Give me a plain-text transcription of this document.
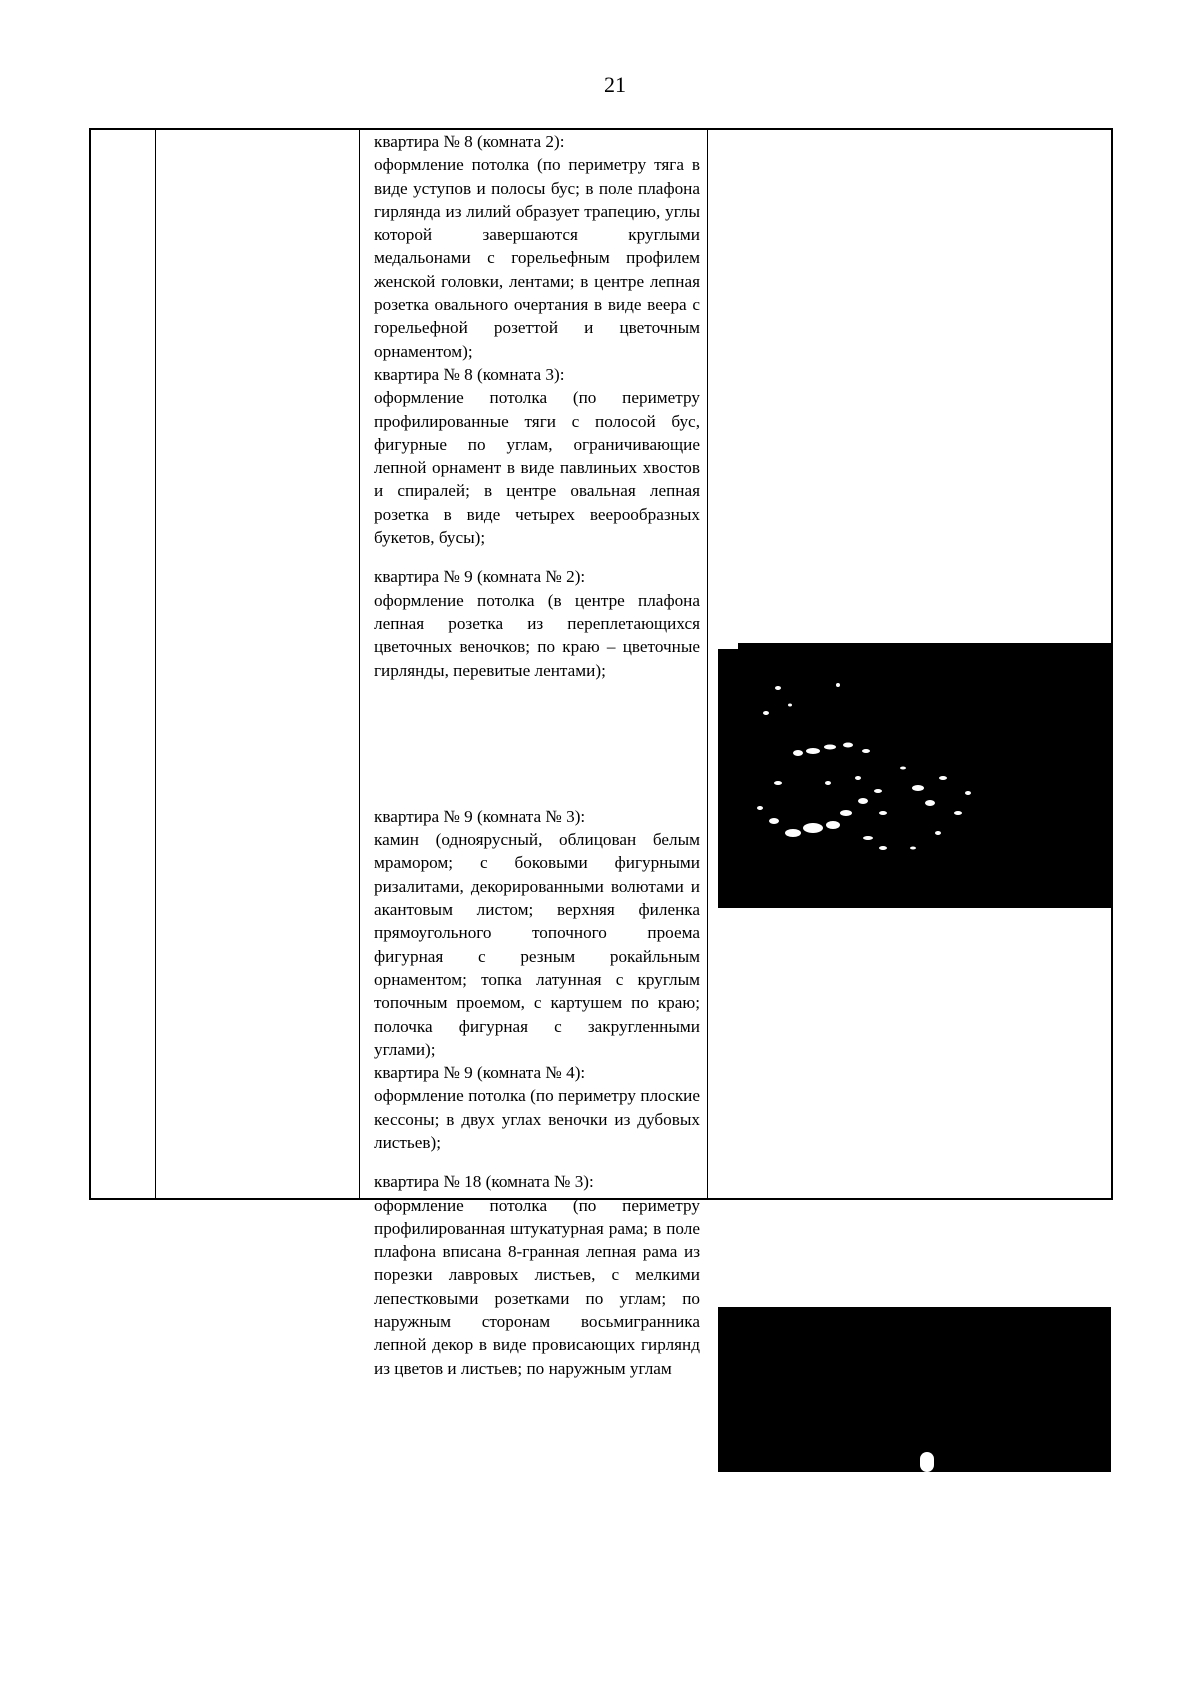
21
квартира № 8 (комната 2):
оформление потолка (по периметру тяга в виде уступов и полосы бус; в поле плафона гирлянда из лилий образует трапецию, углы которой завершаются круглыми медальонами с горельефным профилем женской головки, лентами; в центре лепная розетка овального очертания в виде веера с горельефной розеттой и цветочным орнаментом);
квартира № 8 (комната 3):
оформление потолка (по периметру профилированные тяги с полосой бус, фигурные по углам, ограничивающие лепной орнамент в виде павлиньих хвостов и спиралей; в центре овальная лепная розетка в виде четырех веерообразных букетов, бусы);
квартира № 9 (комната № 2):
оформление потолка (в центре плафона лепная розетка из переплетающихся цветочных веночков; по краю – цветочные гирлянды, перевитые лентами);
квартира № 9 (комната № 3):
камин (одноярусный, облицован белым мрамором; с боковыми фигурными ризалитами, декорированными волютами и акантовым листом; верхняя филенка прямоугольного топочного проема фигурная с резным рокайльным орнаментом; топка латунная с круглым топочным проемом, с картушем по краю; полочка фигурная с закругленными углами);
квартира № 9 (комната № 4):
оформление потолка (по периметру плоские кессоны; в двух углах веночки из дубовых листьев);
квартира № 18 (комната № 3):
оформление потолка (по периметру профилированная штукатурная рама; в поле плафона вписана 8-гранная лепная рама из порезки лавровых листьев, с мелкими лепестковыми розетками по углам; по наружным сторонам восьмигранника лепной декор в виде провисающих гирлянд из цветов и листьев; по наружным углам
